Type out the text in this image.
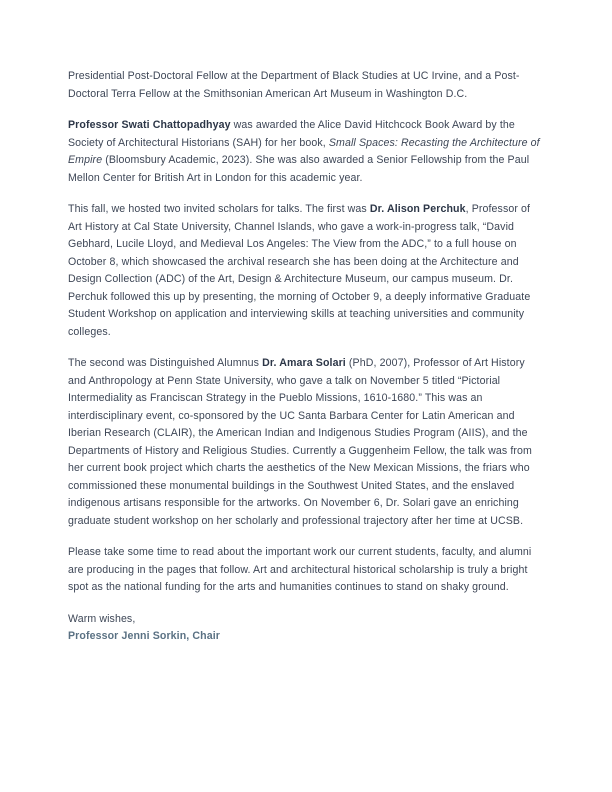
Presidential Post-Doctoral Fellow at the Department of Black Studies at UC Irvine, and a Post-Doctoral Terra Fellow at the Smithsonian American Art Museum in Washington D.C.

Professor Swati Chattopadhyay was awarded the Alice David Hitchcock Book Award by the Society of Architectural Historians (SAH) for her book, Small Spaces: Recasting the Architecture of Empire (Bloomsbury Academic, 2023). She was also awarded a Senior Fellowship from the Paul Mellon Center for British Art in London for this academic year.

This fall, we hosted two invited scholars for talks. The first was Dr. Alison Perchuk, Professor of Art History at Cal State University, Channel Islands, who gave a work-in-progress talk, “David Gebhard, Lucile Lloyd, and Medieval Los Angeles: The View from the ADC,” to a full house on October 8, which showcased the archival research she has been doing at the Architecture and Design Collection (ADC) of the Art, Design & Architecture Museum, our campus museum. Dr. Perchuk followed this up by presenting, the morning of October 9, a deeply informative Graduate Student Workshop on application and interviewing skills at teaching universities and community colleges.

The second was Distinguished Alumnus Dr. Amara Solari (PhD, 2007), Professor of Art History and Anthropology at Penn State University, who gave a talk on November 5 titled “Pictorial Intermediality as Franciscan Strategy in the Pueblo Missions, 1610-1680.” This was an interdisciplinary event, co-sponsored by the UC Santa Barbara Center for Latin American and Iberian Research (CLAIR), the American Indian and Indigenous Studies Program (AIIS), and the Departments of History and Religious Studies. Currently a Guggenheim Fellow, the talk was from her current book project which charts the aesthetics of the New Mexican Missions, the friars who commissioned these monumental buildings in the Southwest United States, and the enslaved indigenous artisans responsible for the artworks. On November 6, Dr. Solari gave an enriching graduate student workshop on her scholarly and professional trajectory after her time at UCSB.

Please take some time to read about the important work our current students, faculty, and alumni are producing in the pages that follow. Art and architectural historical scholarship is truly a bright spot as the national funding for the arts and humanities continues to stand on shaky ground.

Warm wishes,

Professor Jenni Sorkin, Chair
